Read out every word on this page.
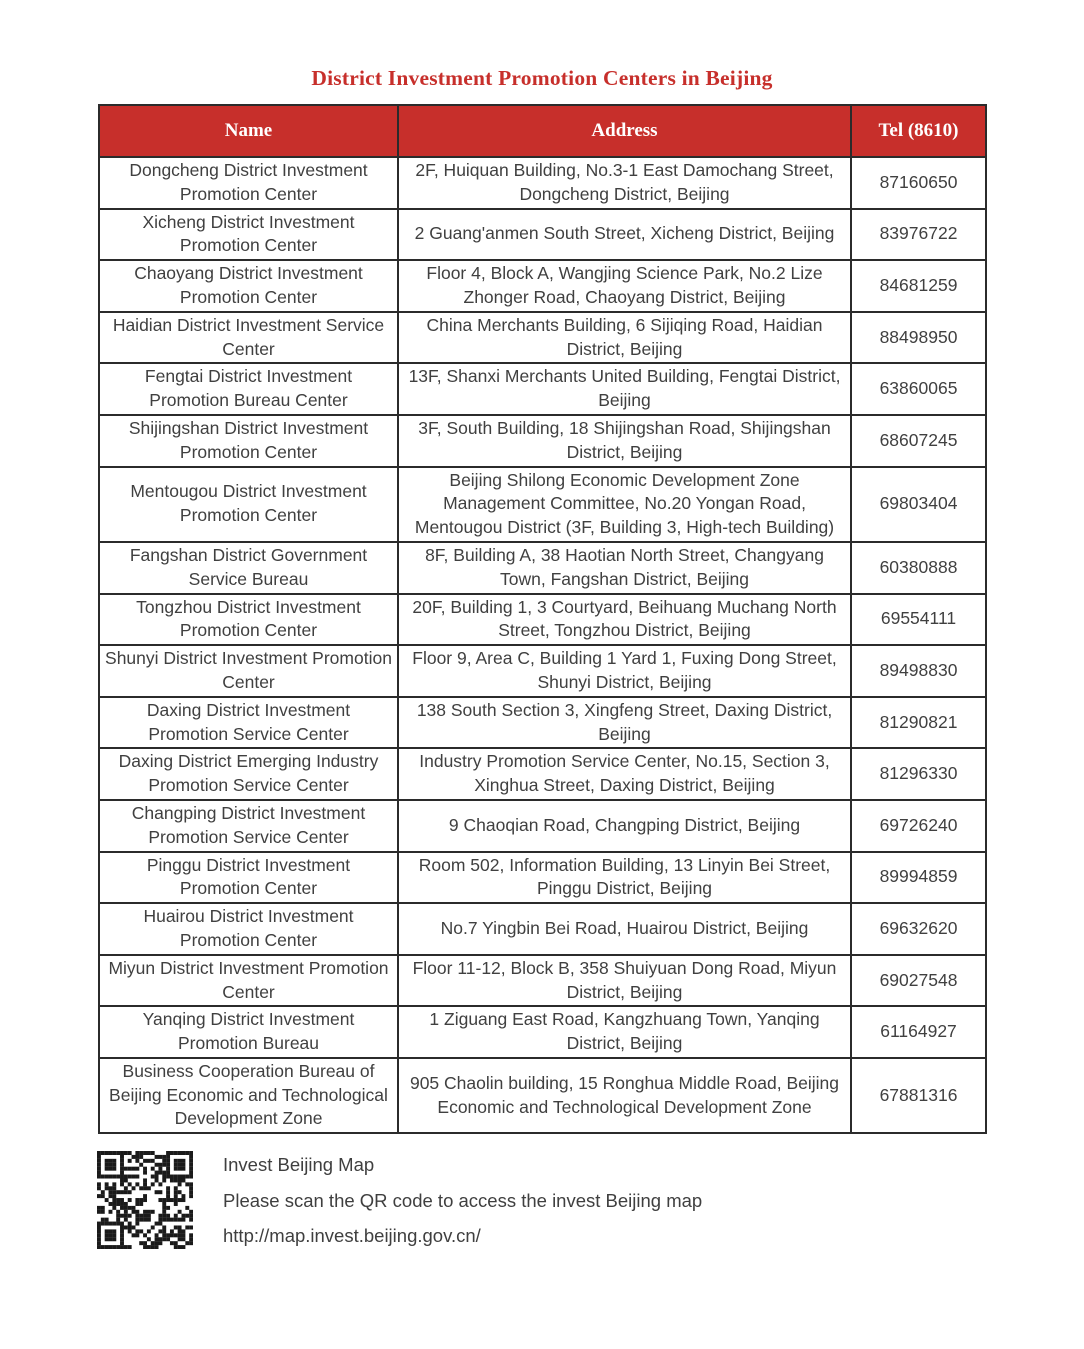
District Investment Promotion Centers in Beijing
Name	Address	Tel (8610)
Dongcheng District Investment Promotion Center	2F, Huiquan Building, No.3-1 East Damochang Street, Dongcheng District, Beijing	87160650
Xicheng District Investment Promotion Center	2 Guang'anmen South Street, Xicheng District, Beijing	83976722
Chaoyang District Investment Promotion Center	Floor 4, Block A, Wangjing Science Park, No.2 Lize Zhonger Road, Chaoyang District, Beijing	84681259
Haidian District Investment Service Center	China Merchants Building, 6 Sijiqing Road, Haidian District, Beijing	88498950
Fengtai District Investment Promotion Bureau Center	13F, Shanxi Merchants United Building, Fengtai District, Beijing	63860065
Shijingshan District Investment Promotion Center	3F, South Building, 18 Shijingshan Road, Shijingshan District, Beijing	68607245
Mentougou District Investment Promotion Center	Beijing Shilong Economic Development Zone Management Committee, No.20 Yongan Road, Mentougou District (3F, Building 3, High-tech Building)	69803404
Fangshan District Government Service Bureau	8F, Building A, 38 Haotian North Street, Changyang Town, Fangshan District, Beijing	60380888
Tongzhou District Investment Promotion Center	20F, Building 1, 3 Courtyard, Beihuang Muchang North Street, Tongzhou District, Beijing	69554111
Shunyi District Investment Promotion Center	Floor 9, Area C, Building 1 Yard 1, Fuxing Dong Street, Shunyi District, Beijing	89498830
Daxing District Investment Promotion Service Center	138 South Section 3, Xingfeng Street, Daxing District, Beijing	81290821
Daxing District Emerging Industry Promotion Service Center	Industry Promotion Service Center, No.15, Section 3, Xinghua Street, Daxing District, Beijing	81296330
Changping District Investment Promotion Service Center	9 Chaoqian Road, Changping District, Beijing	69726240
Pinggu District Investment Promotion Center	Room 502, Information Building, 13 Linyin Bei Street, Pinggu District, Beijing	89994859
Huairou District Investment Promotion Center	No.7 Yingbin Bei Road, Huairou District, Beijing	69632620
Miyun District Investment Promotion Center	Floor 11-12, Block B, 358 Shuiyuan Dong Road, Miyun District, Beijing	69027548
Yanqing District Investment Promotion Bureau	1 Ziguang East Road, Kangzhuang Town, Yanqing District, Beijing	61164927
Business Cooperation Bureau of Beijing Economic and Technological Development Zone	905 Chaolin building, 15 Ronghua Middle Road, Beijing Economic and Technological Development Zone	67881316

Invest Beijing Map

Please scan the QR code to access the invest Beijing map

http://map.invest.beijing.gov.cn/
